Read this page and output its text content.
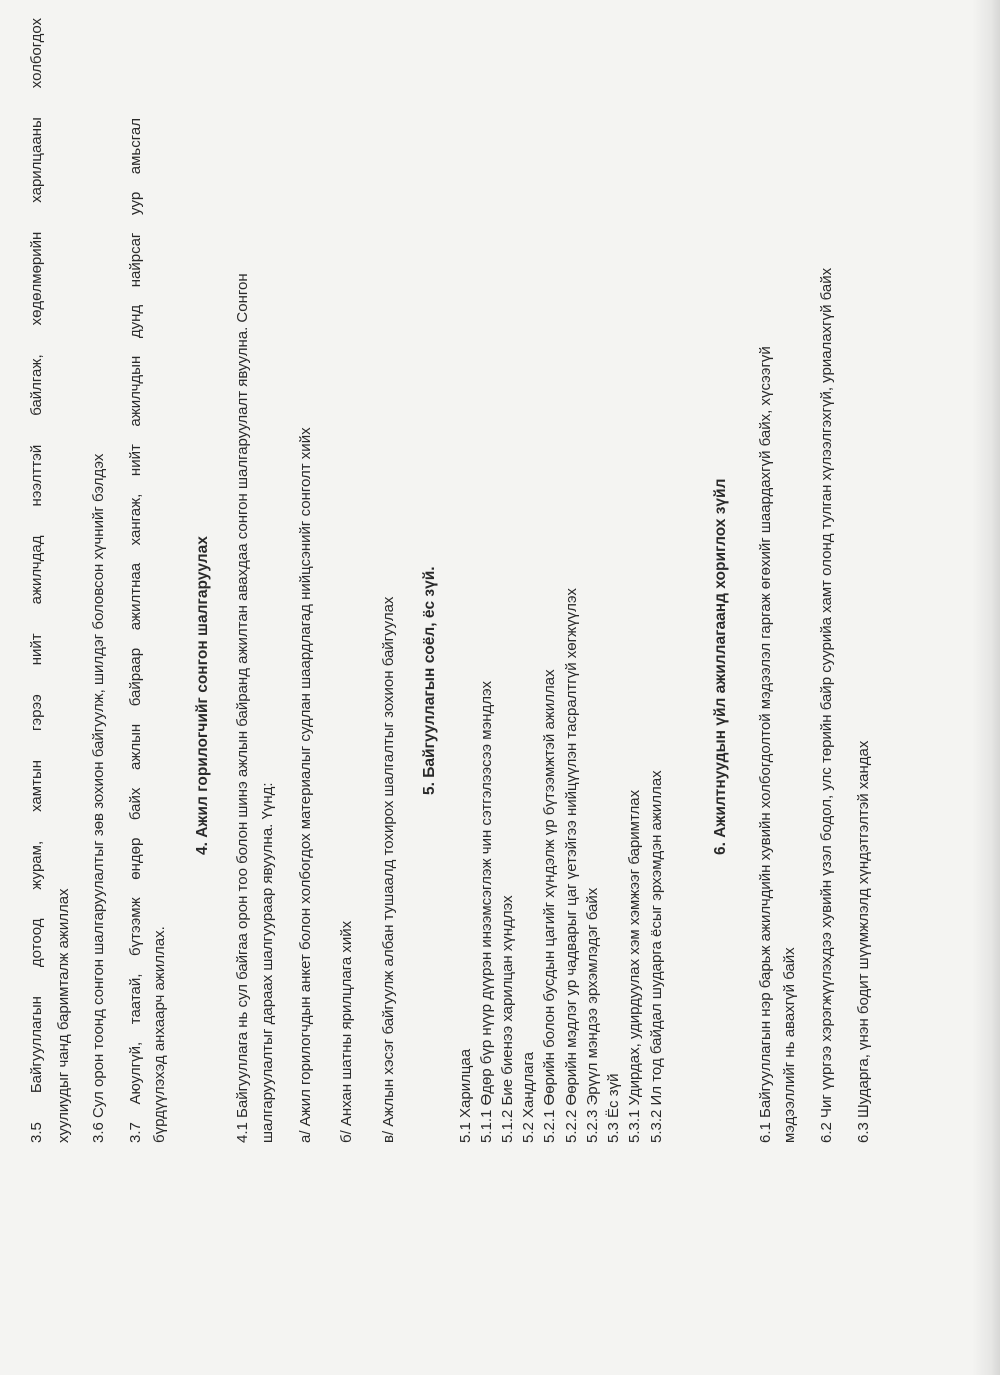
3.5 Байгууллагын дотоод журам, хамтын гэрээ нийт ажилчдад нээлттэй байлгаж, хөдөлмөрийн харилцааны холбогдох хуулиудыг чанд баримталж ажиллах 3.6 Сул орон тоонд сонгон шалгаруулалтыг зөв зохион байгуулж, шилдэг боловсон хүчнийг бэлдэх 3.7 Аюулгүй, таатай, бүтээмж өндөр байх ажлын байраар ажилтнаа хангаж, нийт ажилчдын дунд найрсаг уур амьсгал бүрдүүлэхэд анхаарч ажиллах.

4. Ажил горилогчийг сонгон шалгаруулах 4.1 Байгууллага нь сул байгаа орон тоо болон шинэ ажлын байранд ажилтан авахдаа сонгон шалгаруулалт явуулна. Сонгон шалгаруулалтыг дараах шалгуураар явуулна. Үүнд: а/ Ажил горилогчдын анкет болон холбогдох материалыг судлан шаардлагад нийцсэнийг сонголт хийх б/ Анхан шатны ярилцлага хийх в/ Ажлын хэсэг байгуулж албан тушаалд тохирох шалгалтыг зохион байгуулах 5. Байгууллагын соёл, ёс зүй.

5.1 Харилцаа 5.1.1 Өдөр бүр нүүр дүүрэн инээмсэглэж чин сэтгэлээсээ мэндлэх 5.1.2 Бие биенээ харилцан хүндлэх 5.2 Хандлага 5.2.1 Өөрийн болон бусдын цагийг хүндэлж үр бүтээмжтэй ажиллах 5.2.2 Өөрийн мэдлэг ур чадварыг цаг үетэйгээ нийцүүлэн тасралтгүй хөгжүүлэх 5.2.3 Эрүүл мэндээ эрхэмлэдэг байх 5.3 Ёс зүй 5.3.1 Удирдах, удирдуулах хэм хэмжээг баримтлах 5.3.2 Ил тод байдал шударга ёсыг эрхэмдэн ажиллах

6. Ажилтнуудын үйл ажиллагаанд хориглох зүйл 6.1 Байгууллагын нэр барьж ажилчдийн хувийн холбогдолтой мэдээлэл гаргаж өгөхийг шаардахгүй байх, хүсээгүй мэдээллийг нь авахгүй байх 6.2 Чиг үүргээ хэрэгжүүлэхдээ хувийн үзэл бодол, улс төрийн байр суурийа хамт олонд тулган хүлээлгэхгүй, уриалахгүй байх 6.3 Шударга, үнэн бодит шүүмжлэлд хүндэтгэлтэй хандах
